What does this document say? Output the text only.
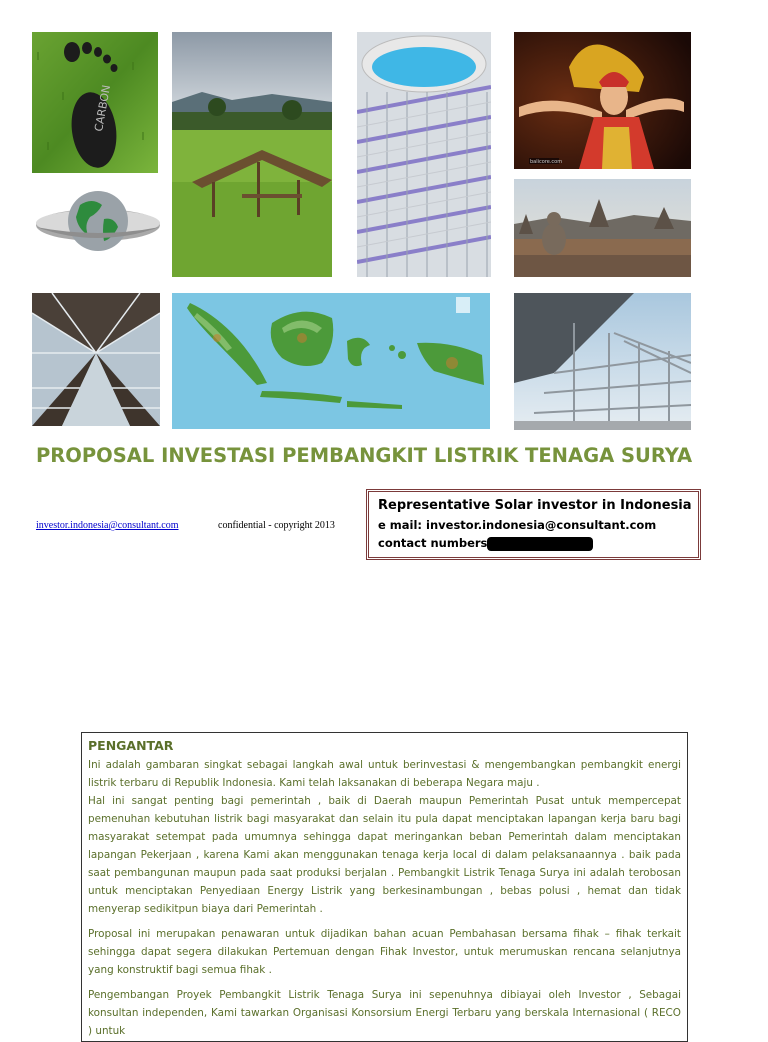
CARBON
balicore.com
PROPOSAL INVESTASI PEMBANGKIT LISTRIK TENAGA SURYA
investor.indonesia@consultant.com	confidential - copyright 2013
Representative Solar investor in Indonesia
e mail: investor.indonesia@consultant.com
contact numbers
PENGANTAR

Ini adalah gambaran singkat sebagai langkah awal untuk berinvestasi & mengembangkan pembangkit energi listrik terbaru di Republik Indonesia. Kami telah laksanakan di beberapa Negara maju .
Hal ini sangat penting bagi pemerintah , baik di Daerah maupun Pemerintah Pusat untuk mempercepat pemenuhan kebutuhan listrik bagi masyarakat dan selain itu pula dapat menciptakan lapangan kerja baru bagi masyarakat setempat pada umumnya sehingga dapat meringankan beban Pemerintah dalam menciptakan lapangan Pekerjaan , karena Kami akan menggunakan tenaga kerja local di dalam pelaksanaannya . baik pada saat pembangunan maupun pada saat produksi berjalan . Pembangkit Listrik Tenaga Surya ini adalah terobosan untuk menciptakan Penyediaan Energy Listrik yang berkesinambungan , bebas polusi , hemat dan tidak menyerap sedikitpun biaya dari Pemerintah .

Proposal ini merupakan penawaran untuk dijadikan bahan acuan Pembahasan bersama fihak – fihak terkait sehingga dapat segera dilakukan Pertemuan dengan Fihak Investor, untuk merumuskan rencana selanjutnya yang konstruktif bagi semua fihak .

Pengembangan Proyek Pembangkit Listrik Tenaga Surya ini sepenuhnya dibiayai oleh Investor , Sebagai konsultan independen, Kami tawarkan Organisasi Konsorsium Energi Terbaru yang berskala Internasional ( RECO ) untuk
